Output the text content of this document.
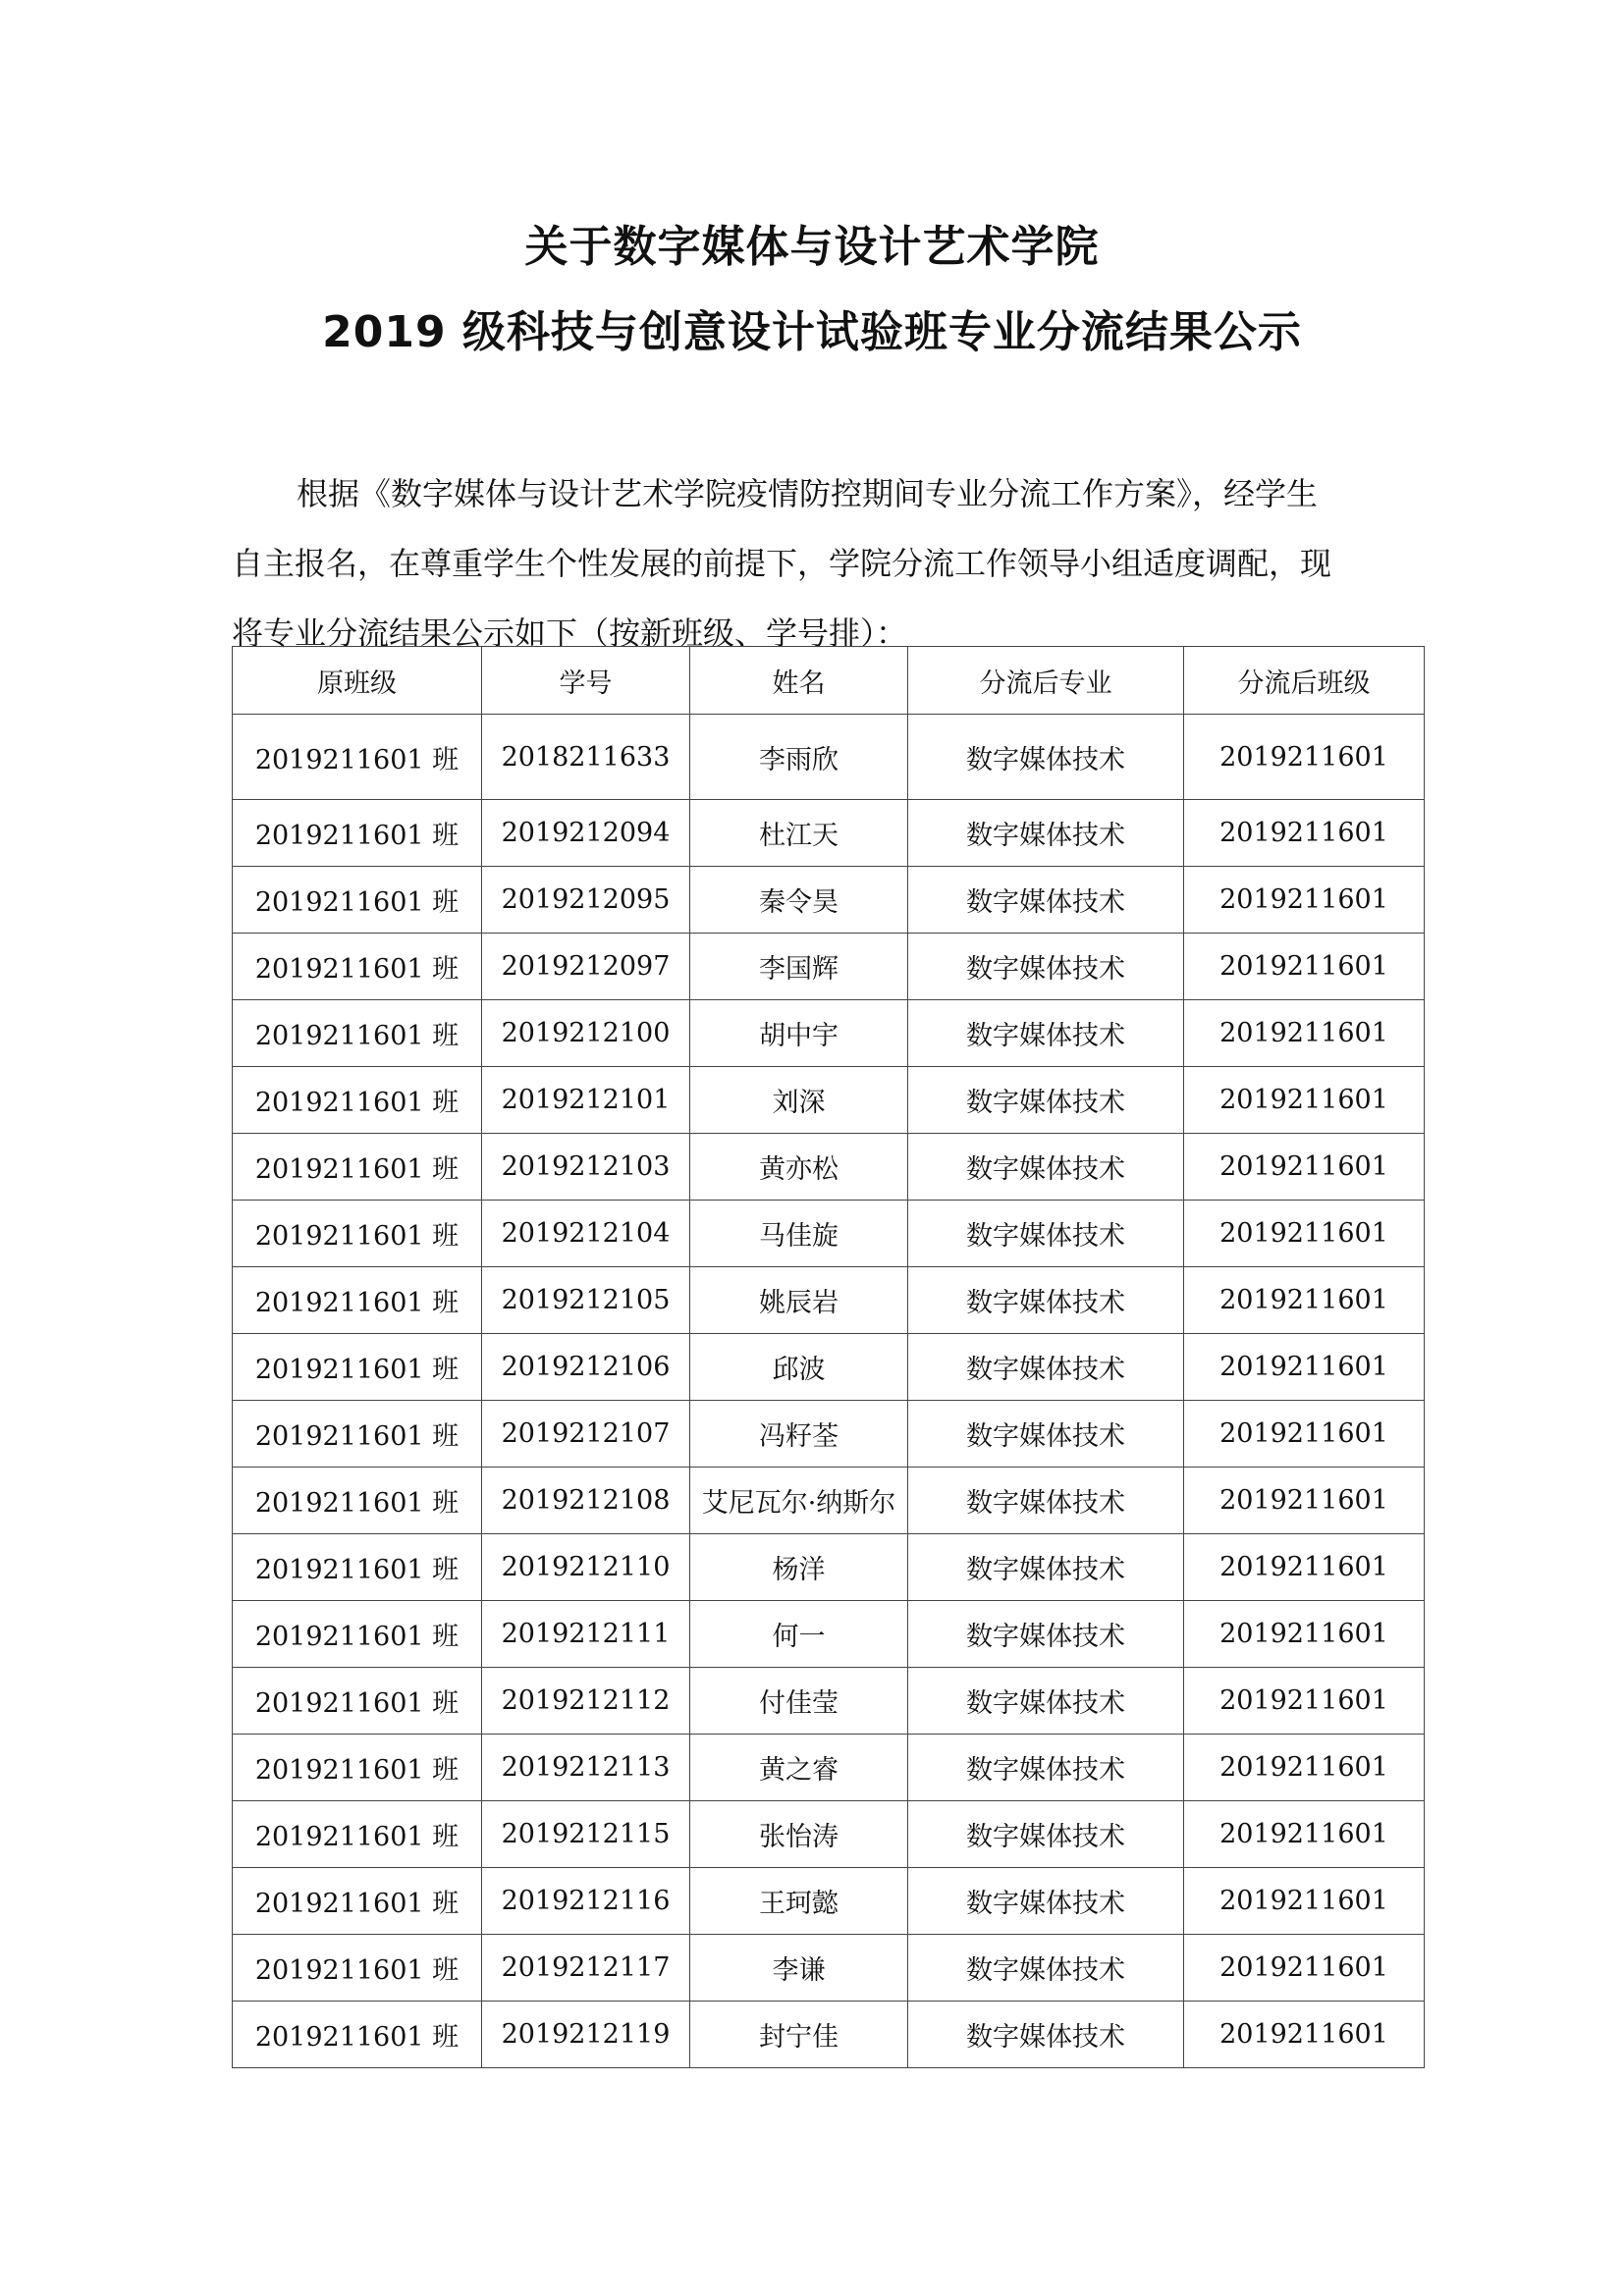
关于数字媒体与设计艺术学院
2019 级科技与创意设计试验班专业分流结果公示

根据《数字媒体与设计艺术学院疫情防控期间专业分流工作方案》，经学生
自主报名，在尊重学生个性发展的前提下，学院分流工作领导小组适度调配，现
将专业分流结果公示如下（按新班级、学号排）：

原班级	学号	姓名	分流后专业	分流后班级
2019211601 班	2018211633	李雨欣	数字媒体技术	2019211601
2019211601 班	2019212094	杜江天	数字媒体技术	2019211601
2019211601 班	2019212095	秦令昊	数字媒体技术	2019211601
2019211601 班	2019212097	李国辉	数字媒体技术	2019211601
2019211601 班	2019212100	胡中宇	数字媒体技术	2019211601
2019211601 班	2019212101	刘深	数字媒体技术	2019211601
2019211601 班	2019212103	黄亦松	数字媒体技术	2019211601
2019211601 班	2019212104	马佳旋	数字媒体技术	2019211601
2019211601 班	2019212105	姚辰岩	数字媒体技术	2019211601
2019211601 班	2019212106	邱波	数字媒体技术	2019211601
2019211601 班	2019212107	冯籽荃	数字媒体技术	2019211601
2019211601 班	2019212108	艾尼瓦尔·纳斯尔	数字媒体技术	2019211601
2019211601 班	2019212110	杨洋	数字媒体技术	2019211601
2019211601 班	2019212111	何一	数字媒体技术	2019211601
2019211601 班	2019212112	付佳莹	数字媒体技术	2019211601
2019211601 班	2019212113	黄之睿	数字媒体技术	2019211601
2019211601 班	2019212115	张怡涛	数字媒体技术	2019211601
2019211601 班	2019212116	王珂懿	数字媒体技术	2019211601
2019211601 班	2019212117	李谦	数字媒体技术	2019211601
2019211601 班	2019212119	封宁佳	数字媒体技术	2019211601
